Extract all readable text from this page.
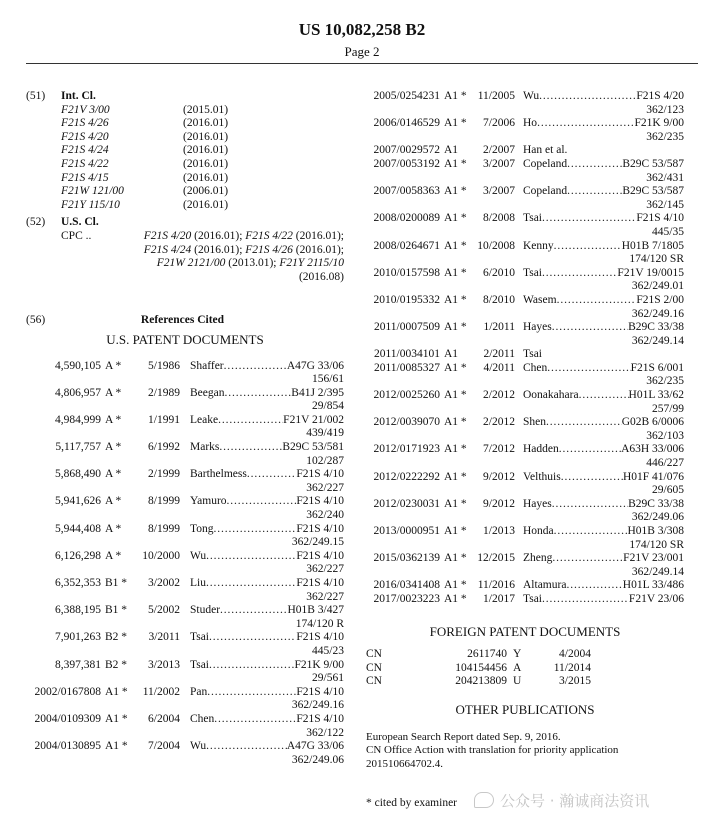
US 10,082,258 B2
Page 2
(51)	Int. Cl.
F21V 3/00	(2015.01)
F21S 4/26	(2016.01)
F21S 4/20	(2016.01)
F21S 4/24	(2016.01)
F21S 4/22	(2016.01)
F21S 4/15	(2016.01)
F21W 121/00	(2006.01)
F21Y 115/10	(2016.01)
(52)	U.S. Cl.
CPC ..	F21S 4/20 (2016.01); F21S 4/22 (2016.01);
F21S 4/24 (2016.01); F21S 4/26 (2016.01);
F21W 2121/00 (2013.01); F21Y 2115/10
(2016.08)
(56)	References Cited
U.S. PATENT DOCUMENTS
4,590,105 A *	5/1986 Shaffer . . .	A47G 33/06
156/61
4,806,957 A *	2/1989 Beegan . . .	B41J 2/395
29/854
4,984,999 A *	1/1991 Leake . . .	F21V 21/002
439/419
5,117,757 A *	6/1992 Marks . . .	B29C 53/581
102/287
5,868,490 A *	2/1999 Barthelmess . . .	F21S 4/10
362/227
5,941,626 A *	8/1999 Yamuro . . .	F21S 4/10
362/240
5,944,408 A *	8/1999 Tong . . .	F21S 4/10
362/249.15
6,126,298 A *	10/2000 Wu . . .	F21S 4/10
362/227
6,352,353 B1 *	3/2002 Liu . . .	F21S 4/10
362/227
6,388,195 B1 *	5/2002 Studer . . .	H01B 3/427
174/120 R
7,901,263 B2 *	3/2011 Tsai . . .	F21S 4/10
445/23
8,397,381 B2 *	3/2013 Tsai . . .	F21K 9/00
29/561
2002/0167808 A1 *	11/2002 Pan . . .	F21S 4/10
362/249.16
2004/0109309 A1 *	6/2004 Chen . . .	F21S 4/10
362/122
2004/0130895 A1 *	7/2004 Wu . . .	A47G 33/06
362/249.06
2005/0254231 A1 * 11/2005 Wu . . .	F21S 4/20
362/123
2006/0146529 A1 *	7/2006 Ho . . .	F21K 9/00
362/235
2007/0029572 A1	2/2007 Han et al.
2007/0053192 A1 *	3/2007 Copeland . . .	B29C 53/587
362/431
2007/0058363 A1 *	3/2007 Copeland . . .	B29C 53/587
362/145
2008/0200089 A1 *	8/2008 Tsai . . .	F21S 4/10
445/35
2008/0264671 A1 * 10/2008 Kenny . . .	H01B 7/1805
174/120 SR
2010/0157598 A1 *	6/2010 Tsai . . .	F21V 19/0015
362/249.01
2010/0195332 A1 *	8/2010 Wasem . . .	F21S 2/00
362/249.16
2011/0007509 A1 *	1/2011 Hayes . . .	B29C 33/38
362/249.14
2011/0034101 A1	2/2011 Tsai
2011/0085327 A1 *	4/2011 Chen . . .	F21S 6/001
362/235
2012/0025260 A1 *	2/2012 Oonakahara . . .	H01L 33/62
257/99
2012/0039070 A1 *	2/2012 Shen . . .	G02B 6/0006
362/103
2012/0171923 A1 *	7/2012 Hadden . . .	A63H 33/006
446/227
2012/0222292 A1 *	9/2012 Velthuis . . .	H01F 41/076
29/605
2012/0230031 A1 *	9/2012 Hayes . . .	B29C 33/38
362/249.06
2013/0000951 A1 *	1/2013 Honda . . .	H01B 3/308
174/120 SR
2015/0362139 A1 * 12/2015 Zheng . . .	F21V 23/001
362/249.14
2016/0341408 A1 * 11/2016 Altamura . . .	H01L 33/486
2017/0023223 A1 *	1/2017 Tsai . . .	F21V 23/06
FOREIGN PATENT DOCUMENTS
CN	2611740 Y	4/2004
CN	104154456 A	11/2014
CN	204213809 U	3/2015
OTHER PUBLICATIONS
European Search Report dated Sep. 9, 2016.
CN Office Action with translation for priority application 201510664702.4.
* cited by examiner	公众号 · 瀚诚商法资讯
